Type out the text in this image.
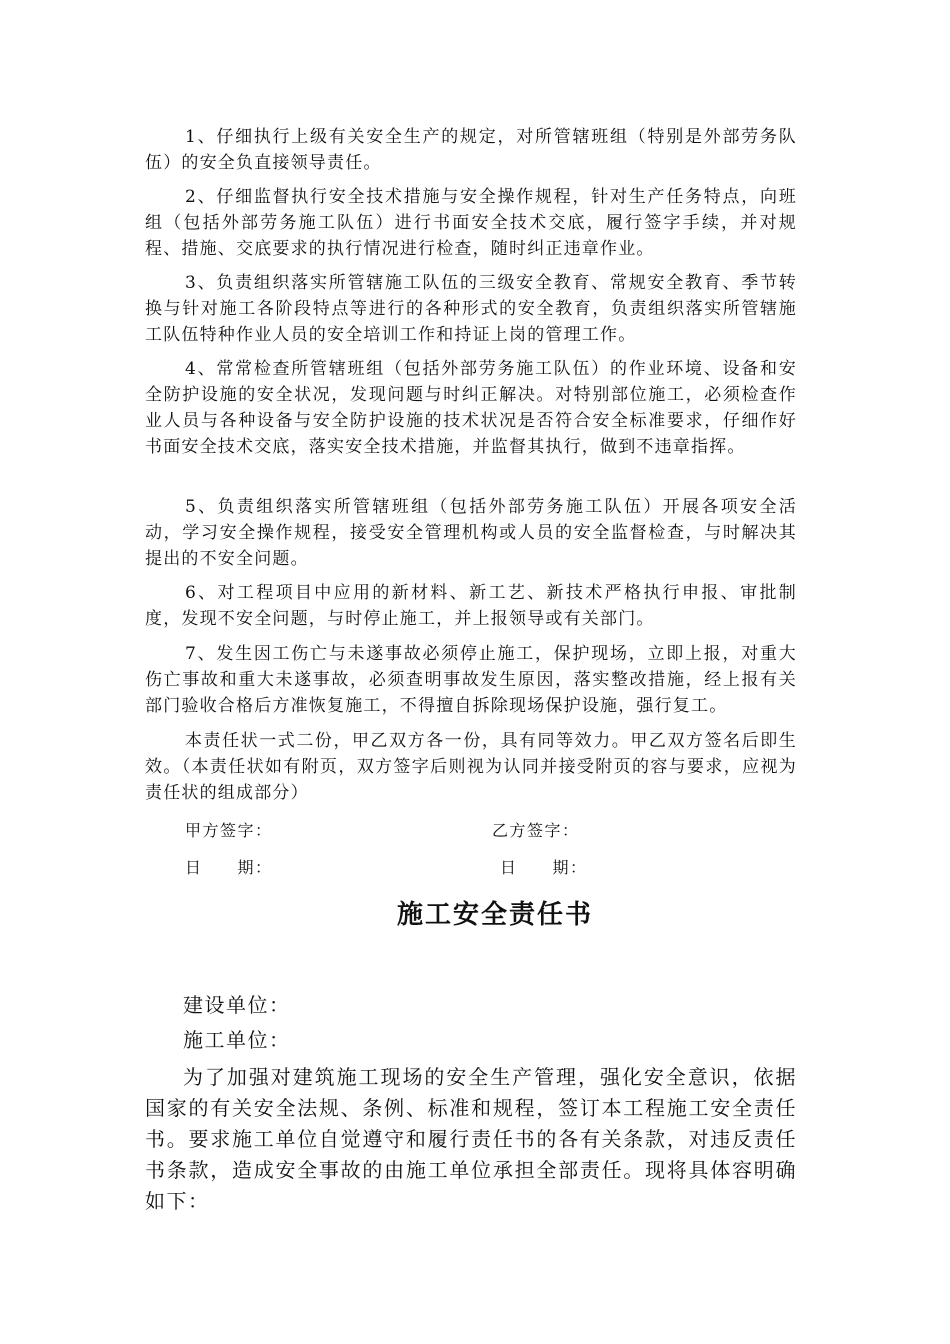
1、仔细执行上级有关安全生产的规定，对所管辖班组（特别是外部劳务队伍）的安全负直接领导责任。

2、仔细监督执行安全技术措施与安全操作规程，针对生产任务特点，向班组（包括外部劳务施工队伍）进行书面安全技术交底，履行签字手续，并对规程、措施、交底要求的执行情况进行检查，随时纠正违章作业。

3、负责组织落实所管辖施工队伍的三级安全教育、常规安全教育、季节转换与针对施工各阶段特点等进行的各种形式的安全教育，负责组织落实所管辖施工队伍特种作业人员的安全培训工作和持证上岗的管理工作。

4、常常检查所管辖班组（包括外部劳务施工队伍）的作业环境、设备和安全防护设施的安全状况，发现问题与时纠正解决。对特别部位施工，必须检查作业人员与各种设备与安全防护设施的技术状况是否符合安全标准要求，仔细作好书面安全技术交底，落实安全技术措施，并监督其执行，做到不违章指挥。

5、负责组织落实所管辖班组（包括外部劳务施工队伍）开展各项安全活动，学习安全操作规程，接受安全管理机构或人员的安全监督检查，与时解决其提出的不安全问题。

6、对工程项目中应用的新材料、新工艺、新技术严格执行申报、审批制度，发现不安全问题，与时停止施工，并上报领导或有关部门。

7、发生因工伤亡与未遂事故必须停止施工，保护现场，立即上报，对重大伤亡事故和重大未遂事故，必须查明事故发生原因，落实整改措施，经上报有关部门验收合格后方准恢复施工，不得擅自拆除现场保护设施，强行复工。

本责任状一式二份，甲乙双方各一份，具有同等效力。甲乙双方签名后即生效。（本责任状如有附页，双方签字后则视为认同并接受附页的容与要求，应视为责任状的组成部分）

甲方签字：	乙方签字：
日　　期：	日　　期：
施工安全责任书

建设单位：

施工单位：

为了加强对建筑施工现场的安全生产管理，强化安全意识，依据国家的有关安全法规、条例、标准和规程，签订本工程施工安全责任书。要求施工单位自觉遵守和履行责任书的各有关条款，对违反责任书条款，造成安全事故的由施工单位承担全部责任。现将具体容明确如下：
